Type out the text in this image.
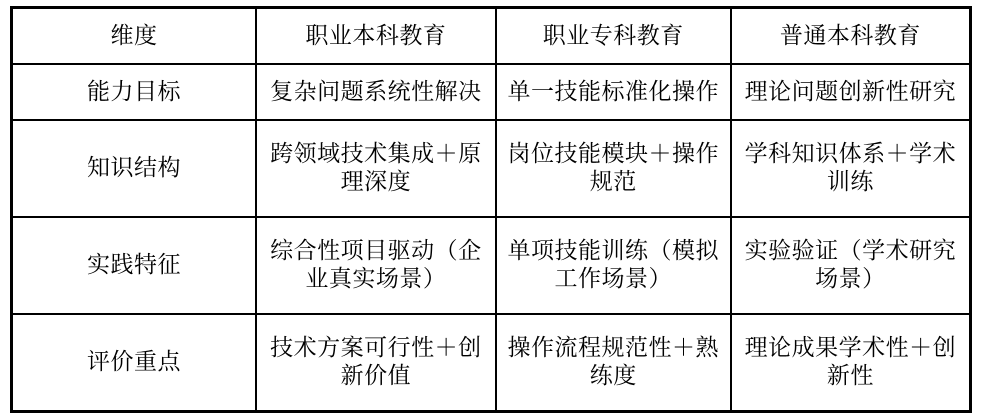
维度	职业本科教育	职业专科教育	普通本科教育

能力目标	复杂问题系统性解决	单一技能标准化操作	理论问题创新性研究

知识结构	跨领域技术集成＋原理深度	岗位技能模块＋操作规范	学科知识体系＋学术训练

实践特征	综合性项目驱动（企业真实场景）	单项技能训练（模拟工作场景）	实验验证（学术研究场景）

评价重点	技术方案可行性＋创新价值	操作流程规范性＋熟练度	理论成果学术性＋创新性
